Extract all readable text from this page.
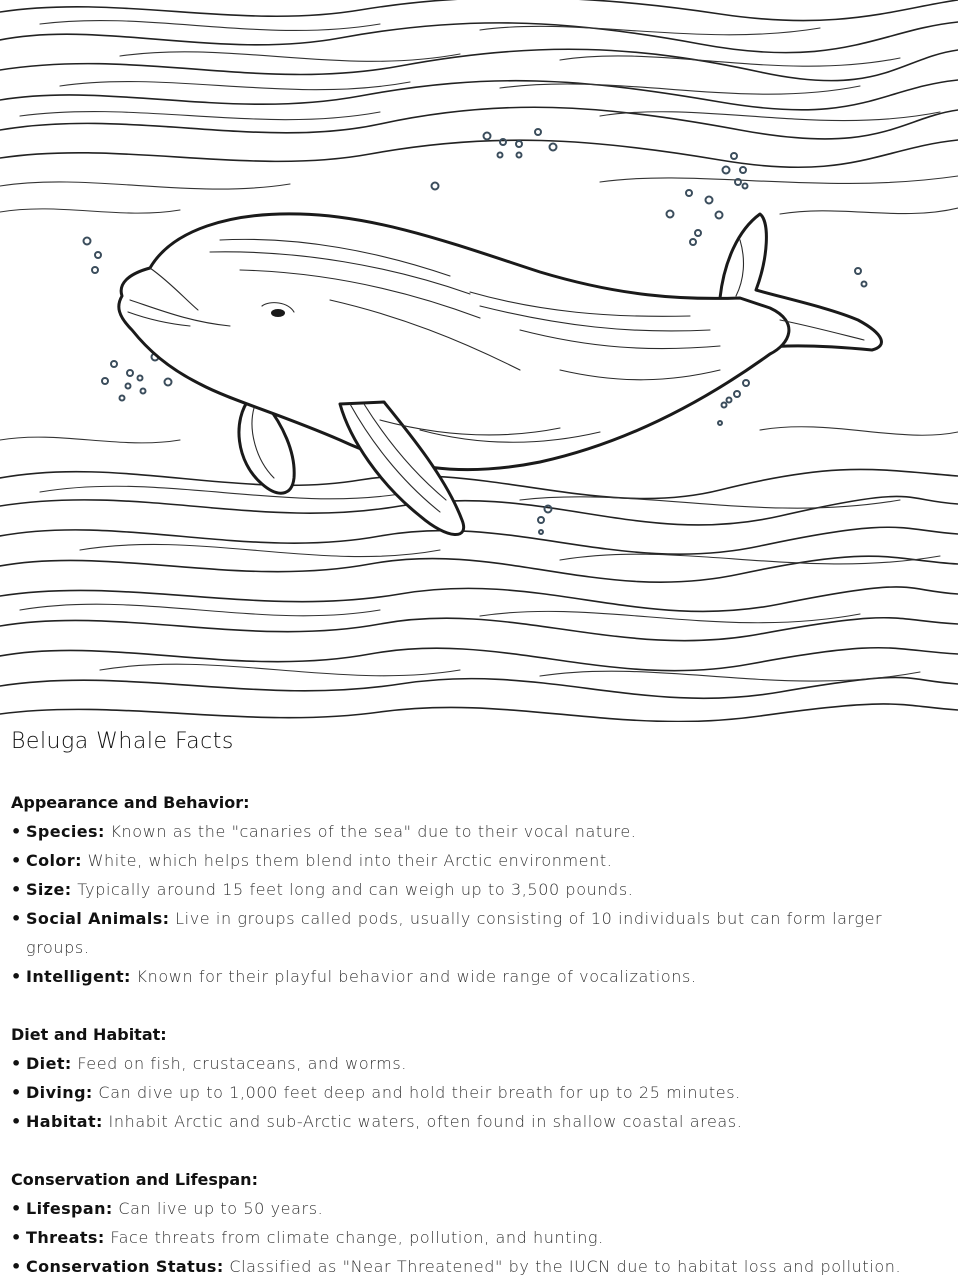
Beluga Whale Facts
Appearance and Behavior:
• Species: Known as the "canaries of the sea" due to their vocal nature.
• Color: White, which helps them blend into their Arctic environment.
• Size: Typically around 15 feet long and can weigh up to 3,500 pounds.
• Social Animals: Live in groups called pods, usually consisting of 10 individuals but can form larger groups.
• Intelligent: Known for their playful behavior and wide range of vocalizations.
Diet and Habitat:
• Diet: Feed on fish, crustaceans, and worms.
• Diving: Can dive up to 1,000 feet deep and hold their breath for up to 25 minutes.
• Habitat: Inhabit Arctic and sub-Arctic waters, often found in shallow coastal areas.
Conservation and Lifespan:
• Lifespan: Can live up to 50 years.
• Threats: Face threats from climate change, pollution, and hunting.
• Conservation Status: Classified as "Near Threatened" by the IUCN due to habitat loss and pollution.
